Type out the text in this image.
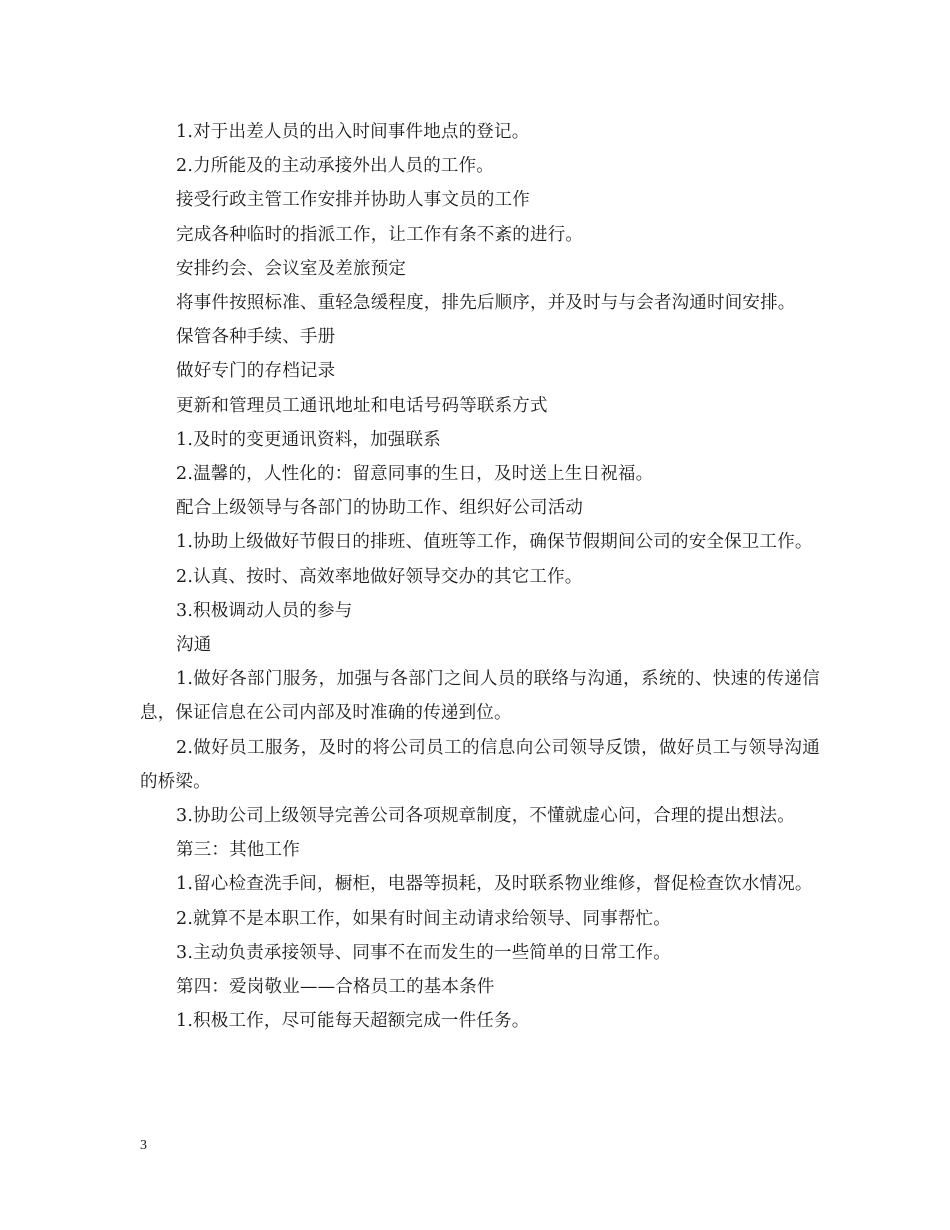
1.对于出差人员的出入时间事件地点的登记。

2.力所能及的主动承接外出人员的工作。

接受行政主管工作安排并协助人事文员的工作

完成各种临时的指派工作，让工作有条不紊的进行。

安排约会、会议室及差旅预定

将事件按照标准、重轻急缓程度，排先后顺序，并及时与与会者沟通时间安排。

保管各种手续、手册

做好专门的存档记录

更新和管理员工通讯地址和电话号码等联系方式

1.及时的变更通讯资料，加强联系

2.温馨的，人性化的：留意同事的生日，及时送上生日祝福。

配合上级领导与各部门的协助工作、组织好公司活动

1.协助上级做好节假日的排班、值班等工作，确保节假期间公司的安全保卫工作。

2.认真、按时、高效率地做好领导交办的其它工作。

3.积极调动人员的参与

沟通

1.做好各部门服务，加强与各部门之间人员的联络与沟通，系统的、快速的传递信息，保证信息在公司内部及时准确的传递到位。

2.做好员工服务，及时的将公司员工的信息向公司领导反馈，做好员工与领导沟通的桥梁。

3.协助公司上级领导完善公司各项规章制度，不懂就虚心问，合理的提出想法。

第三：其他工作

1.留心检查洗手间，橱柜，电器等损耗，及时联系物业维修，督促检查饮水情况。

2.就算不是本职工作，如果有时间主动请求给领导、同事帮忙。

3.主动负责承接领导、同事不在而发生的一些简单的日常工作。

第四：爱岗敬业——合格员工的基本条件

1.积极工作，尽可能每天超额完成一件任务。

3
